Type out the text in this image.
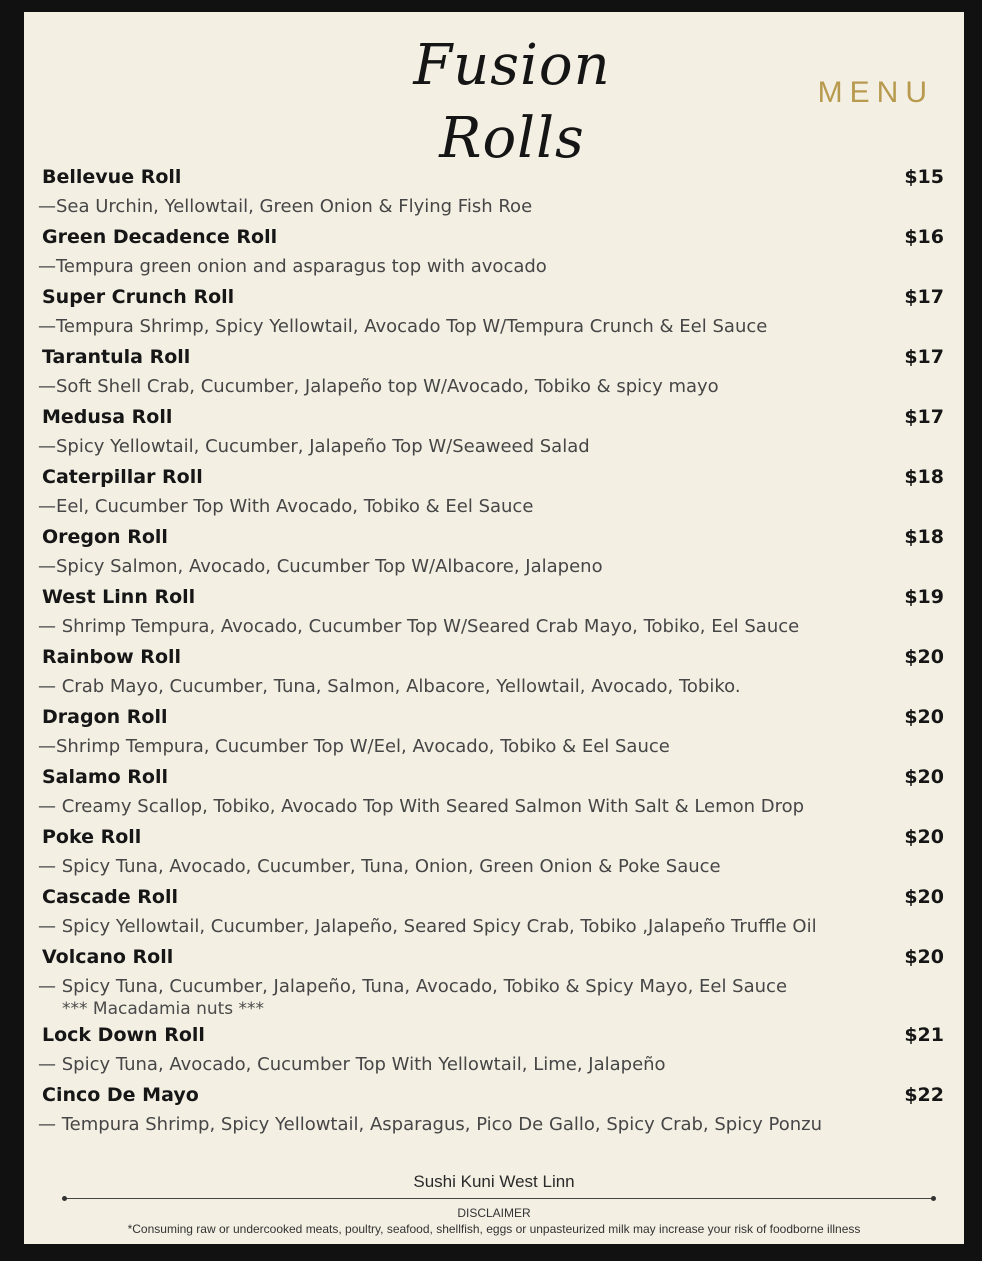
Fusion Rolls
MENU
Bellevue Roll	$15
—Sea Urchin, Yellowtail, Green Onion & Flying Fish Roe
Green Decadence Roll	$16
—Tempura green onion and asparagus top with avocado
Super Crunch Roll	$17
—Tempura Shrimp, Spicy Yellowtail, Avocado Top W/Tempura Crunch & Eel Sauce
Tarantula Roll	$17
—Soft Shell Crab, Cucumber, Jalapeño top W/Avocado, Tobiko & spicy mayo
Medusa Roll	$17
—Spicy Yellowtail, Cucumber, Jalapeño Top W/Seaweed Salad
Caterpillar Roll	$18
—Eel, Cucumber Top With Avocado, Tobiko & Eel Sauce
Oregon Roll	$18
—Spicy Salmon, Avocado, Cucumber Top W/Albacore, Jalapeno
West Linn Roll	$19
— Shrimp Tempura, Avocado, Cucumber Top W/Seared Crab Mayo, Tobiko, Eel Sauce
Rainbow Roll	$20
— Crab Mayo, Cucumber, Tuna, Salmon, Albacore, Yellowtail, Avocado, Tobiko.
Dragon Roll	$20
—Shrimp Tempura, Cucumber Top W/Eel, Avocado, Tobiko & Eel Sauce
Salamo Roll	$20
— Creamy Scallop, Tobiko, Avocado Top With Seared Salmon With Salt & Lemon Drop
Poke Roll	$20
— Spicy Tuna, Avocado, Cucumber, Tuna, Onion, Green Onion & Poke Sauce
Cascade Roll	$20
— Spicy Yellowtail, Cucumber, Jalapeño, Seared Spicy Crab, Tobiko ,Jalapeño Truffle Oil
Volcano Roll	$20
— Spicy Tuna, Cucumber, Jalapeño, Tuna, Avocado, Tobiko & Spicy Mayo, Eel Sauce
*** Macadamia nuts ***
Lock Down Roll	$21
— Spicy Tuna, Avocado, Cucumber Top With Yellowtail, Lime, Jalapeño
Cinco De Mayo	$22
— Tempura Shrimp, Spicy Yellowtail, Asparagus, Pico De Gallo, Spicy Crab, Spicy Ponzu
Sushi Kuni West Linn
DISCLAIMER
*Consuming raw or undercooked meats, poultry, seafood, shellfish, eggs or unpasteurized milk may increase your risk of foodborne illness
